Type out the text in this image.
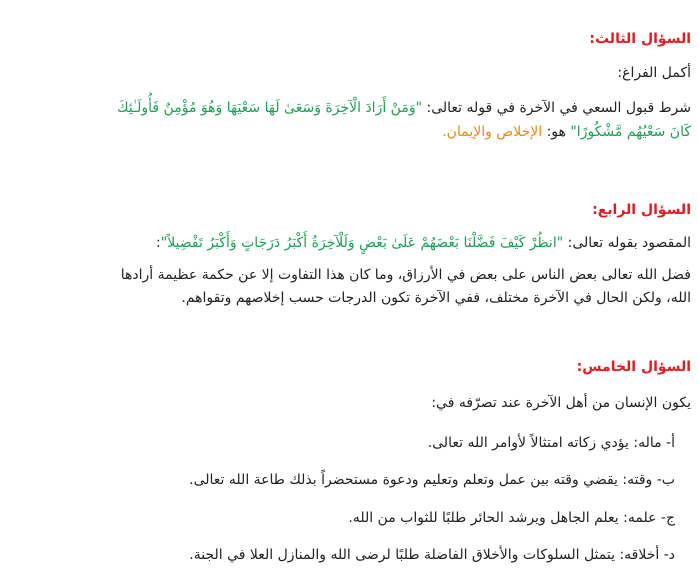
السؤال الثالث:
أكمل الفراغ:
شرط قبول السعي في الآخرة في قوله تعالى: "وَمَنْ أَرَادَ الْآخِرَةَ وَسَعَىٰ لَهَا سَعْيَهَا وَهُوَ مُؤْمِنٌ فَأُولَـٰئِكَ
كَانَ سَعْيُهُم مَّشْكُورًا" هو: الإخلاص والإيمان.
السؤال الرابع:
المقصود بقوله تعالى: "انظُرْ كَيْفَ فَضَّلْنَا بَعْضَهُمْ عَلَىٰ بَعْضٍ وَلَلْآخِرَةُ أَكْبَرُ دَرَجَاتٍ وَأَكْبَرُ تَفْضِيلاً":
فضل الله تعالى بعض الناس على بعض في الأرزاق، وما كان هذا التفاوت إلا عن حكمة عظيمة أرادها
الله، ولكن الحال في الآخرة مختلف، ففي الآخرة تكون الدرجات حسب إخلاصهم وتقواهم.
السؤال الخامس:
يكون الإنسان من أهل الآخرة عند تصرّفه في:
أ- ماله: يؤدي زكاته امتثالاً لأوامر الله تعالى.
ب- وقته: يقضي وقته بين عمل وتعلم وتعليم ودعوة مستحضراً بذلك طاعة الله تعالى.
ج- علمه: يعلم الجاهل ويرشد الحائر طلبًا للثواب من الله.
د- أخلاقه: يتمثل السلوكات والأخلاق الفاضلة طلبًا لرضى الله والمنازل العلا في الجنة.
